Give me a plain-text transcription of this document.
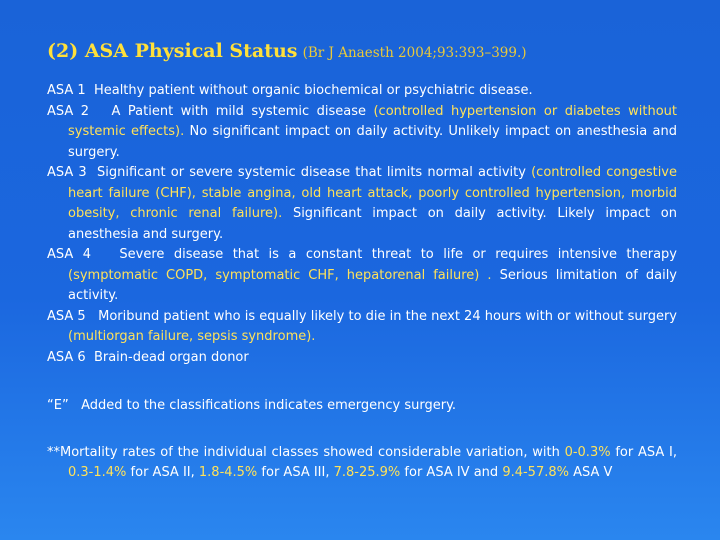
(2) ASA Physical Status (Br J Anaesth 2004;93:393–399.)

ASA 1 Healthy patient without organic biochemical or psychiatric disease.

ASA 2 A Patient with mild systemic disease (controlled hypertension or diabetes without systemic effects). No significant impact on daily activity. Unlikely impact on anesthesia and surgery.

ASA 3 Significant or severe systemic disease that limits normal activity (controlled congestive heart failure (CHF), stable angina, old heart attack, poorly controlled hypertension, morbid obesity, chronic renal failure). Significant impact on daily activity. Likely impact on anesthesia and surgery.

ASA 4 Severe disease that is a constant threat to life or requires intensive therapy (symptomatic COPD, symptomatic CHF, hepatorenal failure) . Serious limitation of daily activity.

ASA 5 Moribund patient who is equally likely to die in the next 24 hours with or without surgery (multiorgan failure, sepsis syndrome).

ASA 6 Brain-dead organ donor

“E” Added to the classifications indicates emergency surgery.

**Mortality rates of the individual classes showed considerable variation, with 0-0.3% for ASA I, 0.3-1.4% for ASA II, 1.8-4.5% for ASA III, 7.8-25.9% for ASA IV and 9.4-57.8% ASA V
